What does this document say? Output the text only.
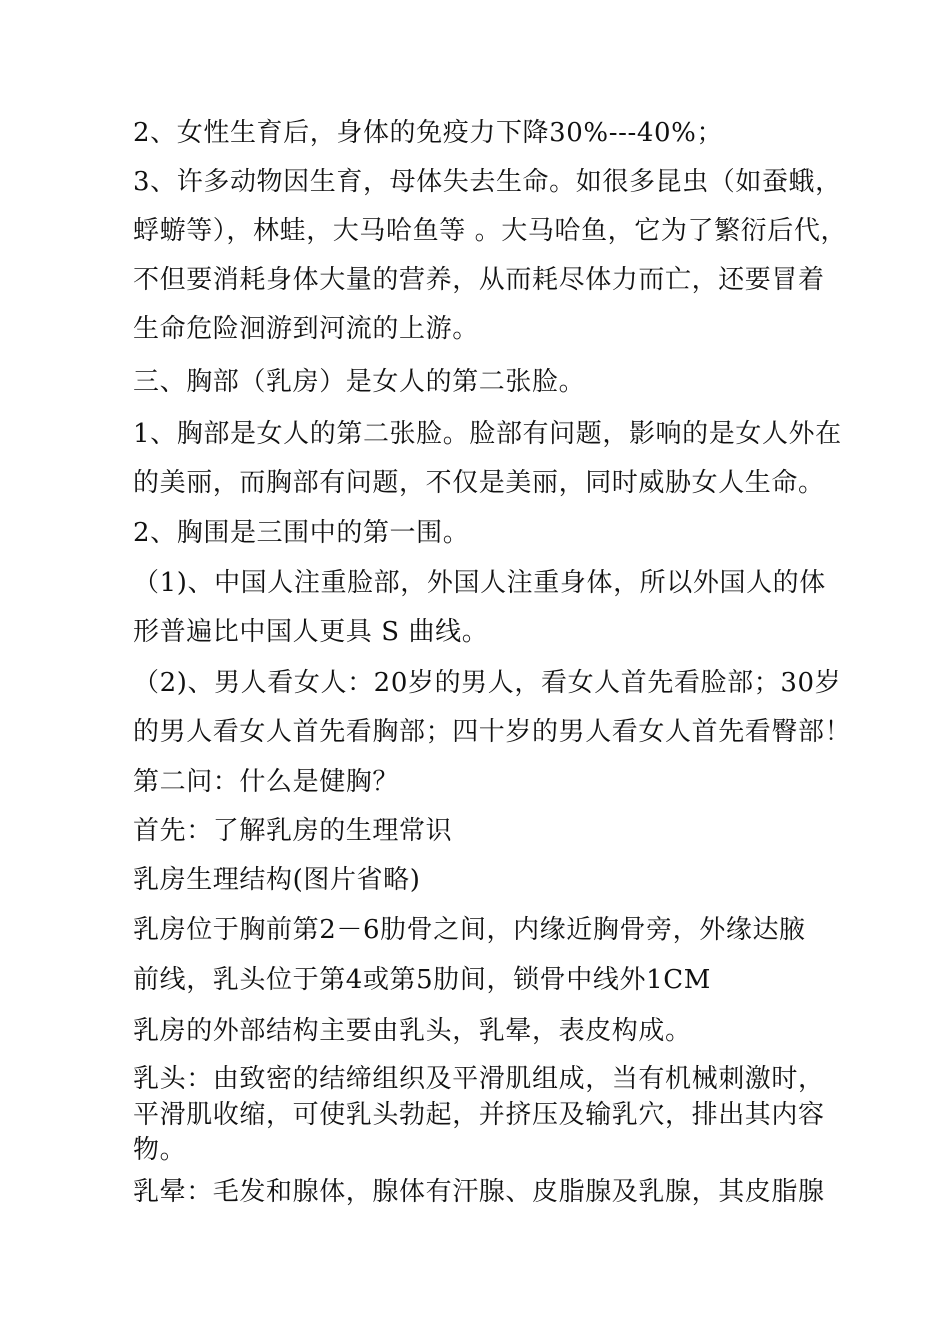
2、女性生育后，身体的免疫力下降30%---40%；
3、许多动物因生育，母体失去生命。如很多昆虫（如蚕蛾，
蜉蝣等），林蛙，大马哈鱼等 。大马哈鱼，它为了繁衍后代，
不但要消耗身体大量的营养，从而耗尽体力而亡，还要冒着
生命危险洄游到河流的上游。
三、胸部（乳房）是女人的第二张脸。
1、胸部是女人的第二张脸。脸部有问题，影响的是女人外在
的美丽，而胸部有问题，不仅是美丽，同时威胁女人生命。
2、胸围是三围中的第一围。
（1)、中国人注重脸部，外国人注重身体，所以外国人的体
形普遍比中国人更具 S 曲线。
（2)、男人看女人：20岁的男人，看女人首先看脸部；30岁
的男人看女人首先看胸部；四十岁的男人看女人首先看臀部！
第二问：什么是健胸？
首先：了解乳房的生理常识
乳房生理结构(图片省略)
乳房位于胸前第2－6肋骨之间，内缘近胸骨旁，外缘达腋
前线，乳头位于第4或第5肋间，锁骨中线外1CM
乳房的外部结构主要由乳头，乳晕，表皮构成。
乳头：由致密的结缔组织及平滑肌组成，当有机械刺激时，
平滑肌收缩，可使乳头勃起，并挤压及输乳穴，排出其内容
物。
乳晕：毛发和腺体，腺体有汗腺、皮脂腺及乳腺，其皮脂腺
